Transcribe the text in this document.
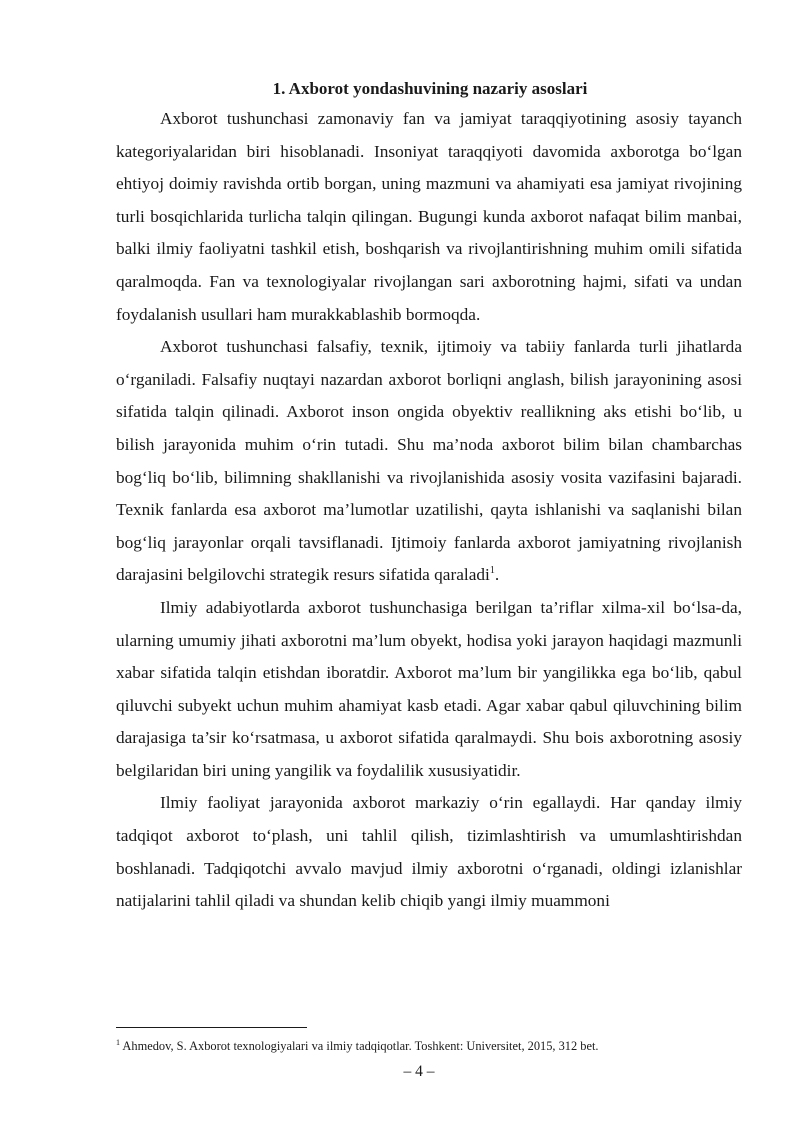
1. Axborot yondashuvining nazariy asoslari

Axborot tushunchasi zamonaviy fan va jamiyat taraqqiyotining asosiy tayanch kategoriyalaridan biri hisoblanadi. Insoniyat taraqqiyoti davomida axborotga bo‘lgan ehtiyoj doimiy ravishda ortib borgan, uning mazmuni va ahamiyati esa jamiyat rivojining turli bosqichlarida turlicha talqin qilingan. Bugungi kunda axborot nafaqat bilim manbai, balki ilmiy faoliyatni tashkil etish, boshqarish va rivojlantirishning muhim omili sifatida qaralmoqda. Fan va texnologiyalar rivojlangan sari axborotning hajmi, sifati va undan foydalanish usullari ham murakkablashib bormoqda.

Axborot tushunchasi falsafiy, texnik, ijtimoiy va tabiiy fanlarda turli jihatlarda o‘rganiladi. Falsafiy nuqtayi nazardan axborot borliqni anglash, bilish jarayonining asosi sifatida talqin qilinadi. Axborot inson ongida obyektiv reallikning aks etishi bo‘lib, u bilish jarayonida muhim o‘rin tutadi. Shu ma’noda axborot bilim bilan chambarchas bog‘liq bo‘lib, bilimning shakllanishi va rivojlanishida asosiy vosita vazifasini bajaradi. Texnik fanlarda esa axborot ma’lumotlar uzatilishi, qayta ishlanishi va saqlanishi bilan bog‘liq jarayonlar orqali tavsiflanadi. Ijtimoiy fanlarda axborot jamiyatning rivojlanish darajasini belgilovchi strategik resurs sifatida qaraladi$^1$.

Ilmiy adabiyotlarda axborot tushunchasiga berilgan ta’riflar xilma-xil bo‘lsa-da, ularning umumiy jihati axborotni ma’lum obyekt, hodisa yoki jarayon haqidagi mazmunli xabar sifatida talqin etishdan iboratdir. Axborot ma’lum bir yangilikka ega bo‘lib, qabul qiluvchi subyekt uchun muhim ahamiyat kasb etadi. Agar xabar qabul qiluvchining bilim darajasiga ta’sir ko‘rsatmasa, u axborot sifatida qaralmaydi. Shu bois axborotning asosiy belgilaridan biri uning yangilik va foydalilik xususiyatidir.

Ilmiy faoliyat jarayonida axborot markaziy o‘rin egallaydi. Har qanday ilmiy tadqiqot axborot to‘plash, uni tahlil qilish, tizimlashtirish va umumlashtirishdan boshlanadi. Tadqiqotchi avvalo mavjud ilmiy axborotni o‘rganadi, oldingi izlanishlar natijalarini tahlil qiladi va shundan kelib chiqib yangi ilmiy muammoni

$^1$ Ahmedov, S. Axborot texnologiyalari va ilmiy tadqiqotlar. Toshkent: Universitet, 2015, 312 bet.
– 4 –
